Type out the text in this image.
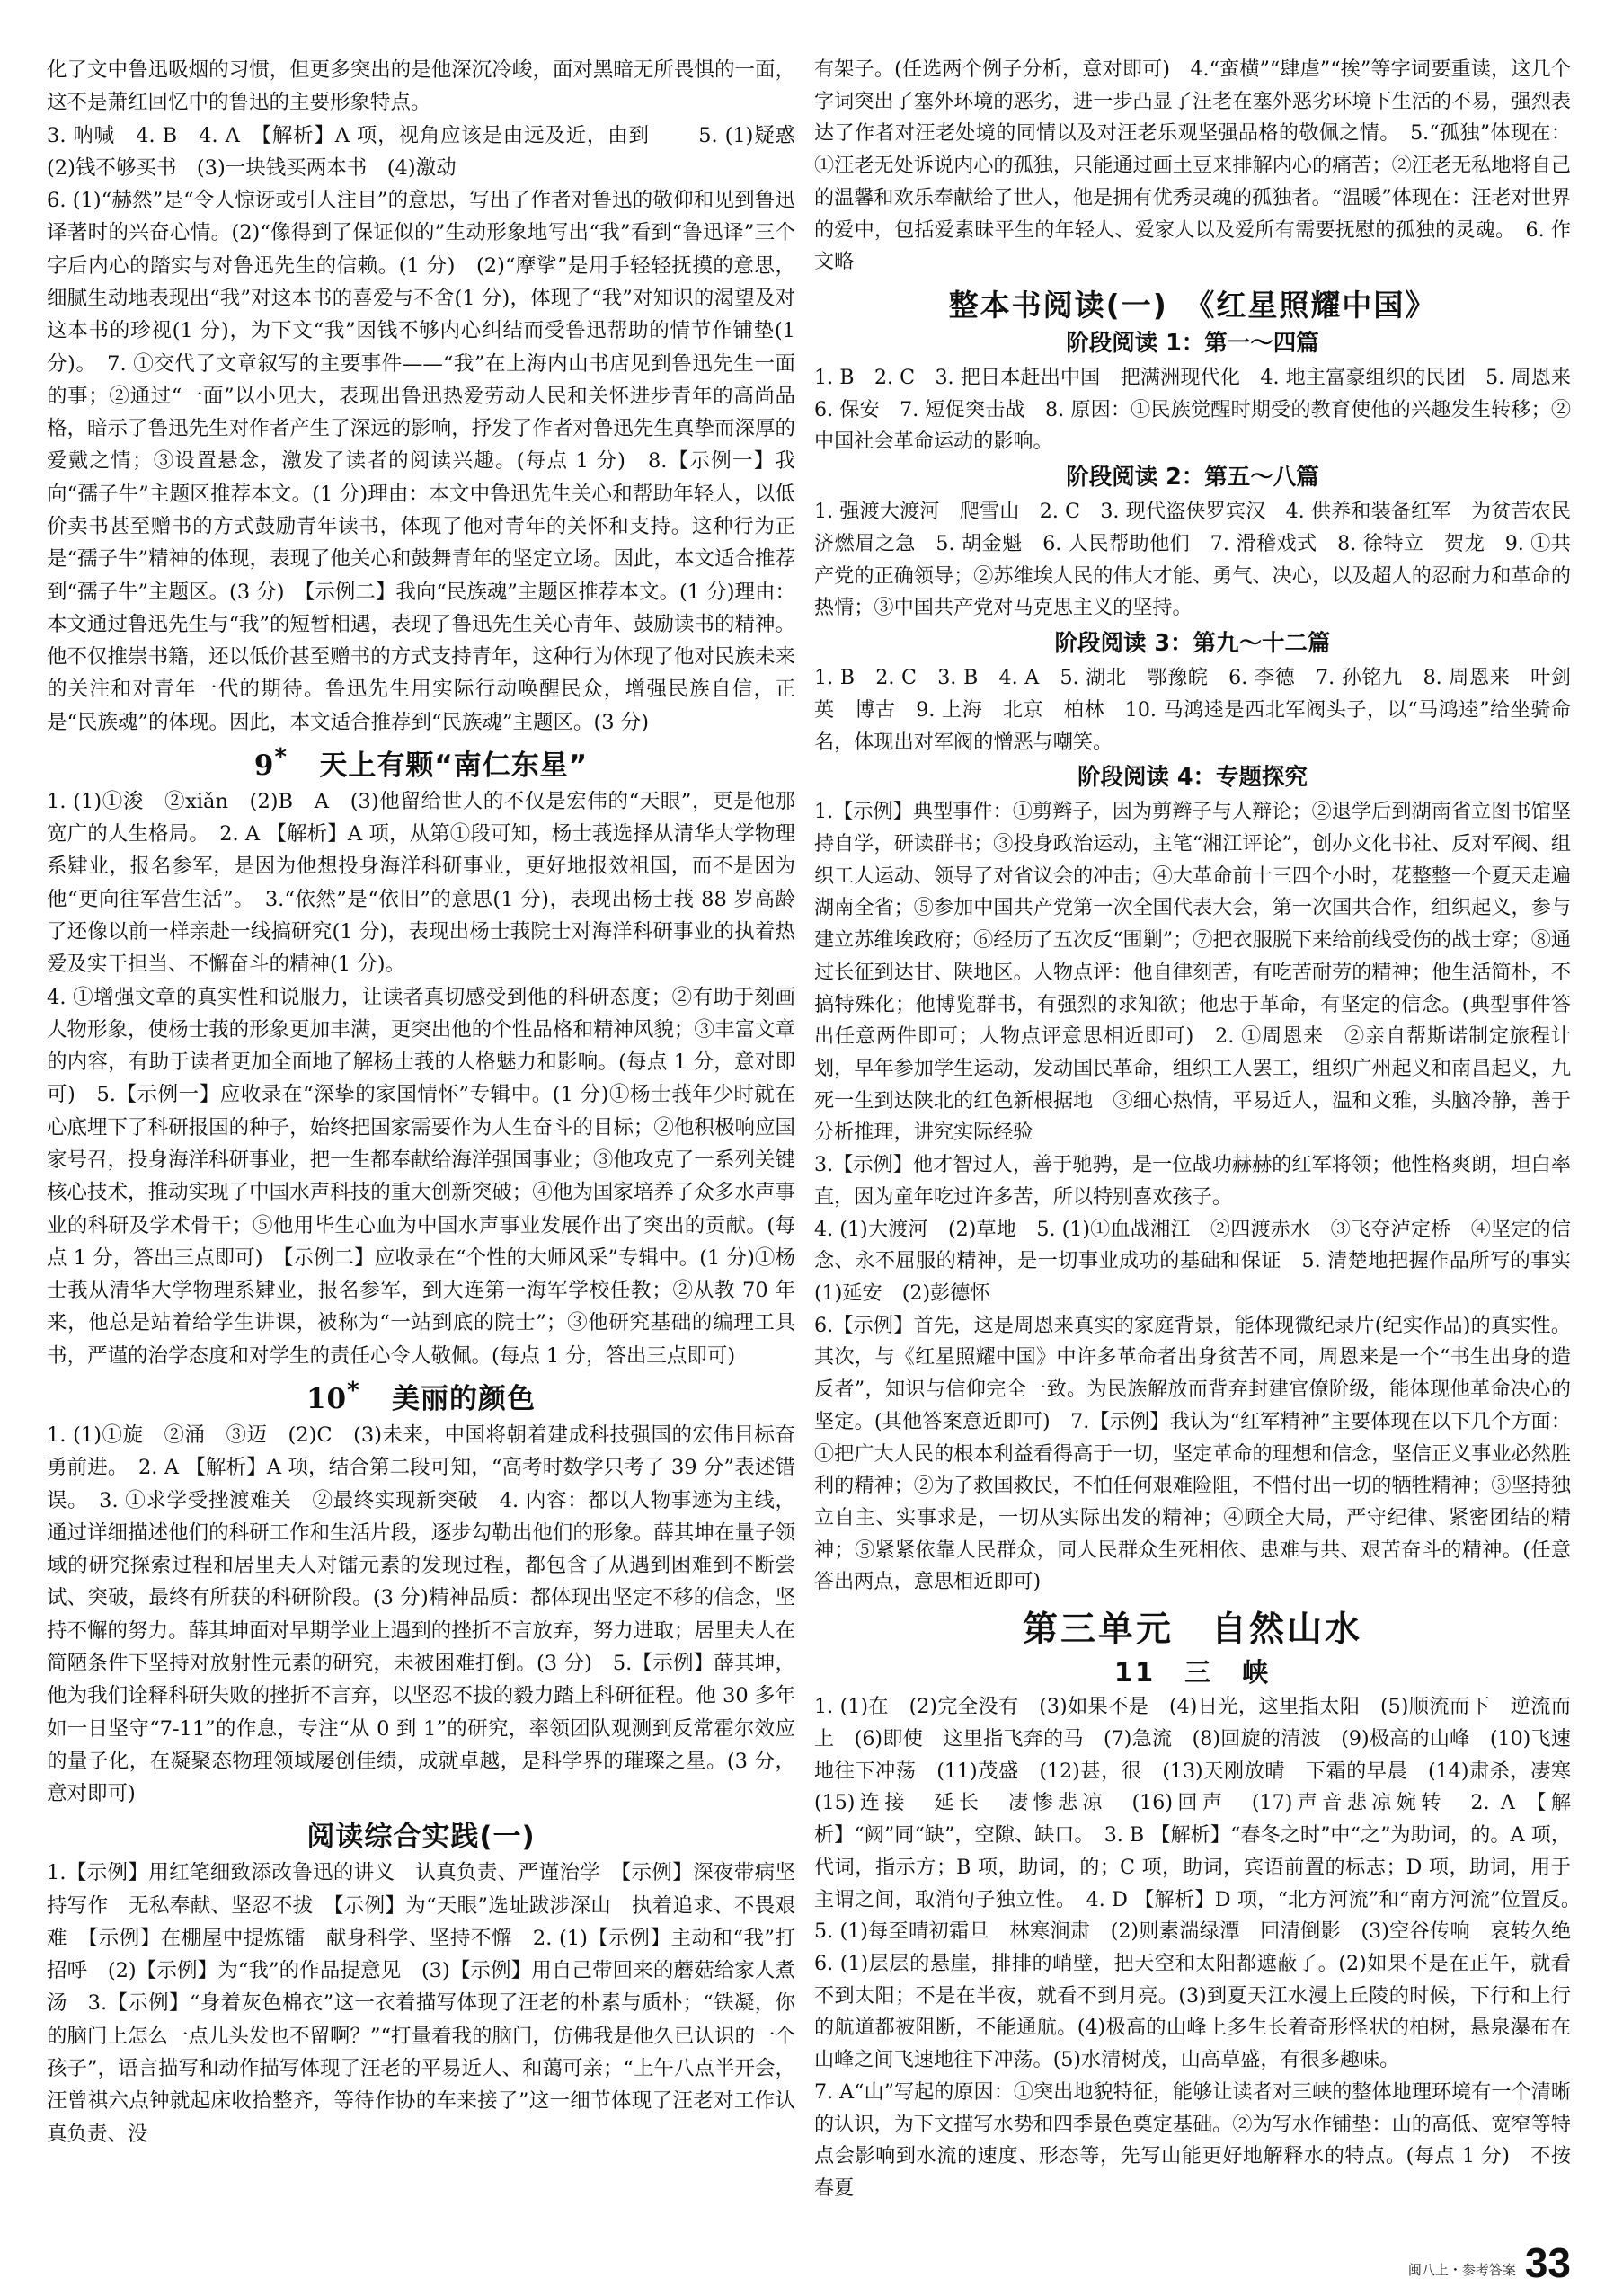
化了文中鲁迅吸烟的习惯，但更多突出的是他深沉冷峻，面对黑暗无所畏惧的一面，这不是萧红回忆中的鲁迅的主要形象特点。
3. 呐喊　4. B　4. A　【解析】A 项，视角应该是由远及近，由到 　　5. (1)疑惑　(2)钱不够买书　(3)一块钱买两本书　(4)激动
6. (1)“赫然”是“令人惊讶或引人注目”的意思，写出了作者对鲁迅的敬仰和见到鲁迅译著时的兴奋心情。(2)“像得到了保证似的”生动形象地写出“我”看到“鲁迅译”三个字后内心的踏实与对鲁迅先生的信赖。(1 分)　(2)“摩挲”是用手轻轻抚摸的意思，细腻生动地表现出“我”对这本书的喜爱与不舍(1 分)，体现了“我”对知识的渴望及对这本书的珍视(1 分)，为下文“我”因钱不够内心纠结而受鲁迅帮助的情节作铺垫(1 分)。　7. ①交代了文章叙写的主要事件——“我”在上海内山书店见到鲁迅先生一面的事；②通过“一面”以小见大，表现出鲁迅热爱劳动人民和关怀进步青年的高尚品格，暗示了鲁迅先生对作者产生了深远的影响，抒发了作者对鲁迅先生真挚而深厚的爱戴之情；③设置悬念，激发了读者的阅读兴趣。(每点 1 分)　8.【示例一】我向“孺子牛”主题区推荐本文。(1 分)理由：本文中鲁迅先生关心和帮助年轻人，以低价卖书甚至赠书的方式鼓励青年读书，体现了他对青年的关怀和支持。这种行为正是“孺子牛”精神的体现，表现了他关心和鼓舞青年的坚定立场。因此，本文适合推荐到“孺子牛”主题区。(3 分)　【示例二】我向“民族魂”主题区推荐本文。(1 分)理由：本文通过鲁迅先生与“我”的短暂相遇，表现了鲁迅先生关心青年、鼓励读书的精神。他不仅推崇书籍，还以低价甚至赠书的方式支持青年，这种行为体现了他对民族未来的关注和对青年一代的期待。鲁迅先生用实际行动唤醒民众，增强民族自信，正是“民族魂”的体现。因此，本文适合推荐到“民族魂”主题区。(3 分)

9* 天上有颗“南仁东星”

1. (1)①浚　②xiǎn　(2)B　A　(3)他留给世人的不仅是宏伟的“天眼”，更是他那宽广的人生格局。　2. A 【解析】A 项，从第①段可知，杨士莪选择从清华大学物理系肄业，报名参军，是因为他想投身海洋科研事业，更好地报效祖国，而不是因为他“更向往军营生活”。　3.“依然”是“依旧”的意思(1 分)，表现出杨士莪 88 岁高龄了还像以前一样亲赴一线搞研究(1 分)，表现出杨士莪院士对海洋科研事业的执着热爱及实干担当、不懈奋斗的精神(1 分)。
4. ①增强文章的真实性和说服力，让读者真切感受到他的科研态度；②有助于刻画人物形象，使杨士莪的形象更加丰满，更突出他的个性品格和精神风貌；③丰富文章的内容，有助于读者更加全面地了解杨士莪的人格魅力和影响。(每点 1 分，意对即可)　5.【示例一】应收录在“深挚的家国情怀”专辑中。(1 分)①杨士莪年少时就在心底埋下了科研报国的种子，始终把国家需要作为人生奋斗的目标；②他积极响应国家号召，投身海洋科研事业，把一生都奉献给海洋强国事业；③他攻克了一系列关键核心技术，推动实现了中国水声科技的重大创新突破；④他为国家培养了众多水声事业的科研及学术骨干；⑤他用毕生心血为中国水声事业发展作出了突出的贡献。(每点 1 分，答出三点即可)　【示例二】应收录在“个性的大师风采”专辑中。(1 分)①杨士莪从清华大学物理系肄业，报名参军，到大连第一海军学校任教；②从教 70 年来，他总是站着给学生讲课，被称为“一站到底的院士”；③他研究基础的编理工具书，严谨的治学态度和对学生的责任心令人敬佩。(每点 1 分，答出三点即可)

10* 美丽的颜色

1. (1)①旋　②涌　③迈　(2)C　(3)未来，中国将朝着建成科技强国的宏伟目标奋勇前进。　2. A 【解析】A 项，结合第二段可知，“高考时数学只考了 39 分”表述错误。　3. ①求学受挫渡难关　②最终实现新突破　4. 内容：都以人物事迹为主线，通过详细描述他们的科研工作和生活片段，逐步勾勒出他们的形象。薛其坤在量子领域的研究探索过程和居里夫人对镭元素的发现过程，都包含了从遇到困难到不断尝试、突破，最终有所获的科研阶段。(3 分)精神品质：都体现出坚定不移的信念，坚持不懈的努力。薛其坤面对早期学业上遇到的挫折不言放弃，努力进取；居里夫人在简陋条件下坚持对放射性元素的研究，未被困难打倒。(3 分)　5.【示例】薛其坤，他为我们诠释科研失败的挫折不言弃，以坚忍不拔的毅力踏上科研征程。他 30 多年如一日坚守“7-11”的作息，专注“从 0 到 1”的研究，率领团队观测到反常霍尔效应的量子化，在凝聚态物理领域屡创佳绩，成就卓越，是科学界的璀璨之星。(3 分，意对即可)

阅读综合实践(一)

1.【示例】用红笔细致添改鲁迅的讲义　认真负责、严谨治学　【示例】深夜带病坚持写作　无私奉献、坚忍不拔　【示例】为“天眼”选址跋涉深山　执着追求、不畏艰难　【示例】在棚屋中提炼镭　献身科学、坚持不懈　2. (1)【示例】主动和“我”打招呼　(2)【示例】为“我”的作品提意见　(3)【示例】用自己带回来的蘑菇给家人煮汤　3.【示例】“身着灰色棉衣”这一衣着描写体现了汪老的朴素与质朴；“铁凝，你的脑门上怎么一点儿头发也不留啊？”“打量着我的脑门，仿佛我是他久已认识的一个孩子”，语言描写和动作描写体现了汪老的平易近人、和蔼可亲；“上午八点半开会，汪曾祺六点钟就起床收拾整齐，等待作协的车来接了”这一细节体现了汪老对工作认真负责、没

有架子。(任选两个例子分析，意对即可)　4.“蛮横”“肆虐”“挨”等字词要重读，这几个字词突出了塞外环境的恶劣，进一步凸显了汪老在塞外恶劣环境下生活的不易，强烈表达了作者对汪老处境的同情以及对汪老乐观坚强品格的敬佩之情。　5.“孤独”体现在：①汪老无处诉说内心的孤独，只能通过画土豆来排解内心的痛苦；②汪老无私地将自己的温馨和欢乐奉献给了世人，他是拥有优秀灵魂的孤独者。“温暖”体现在：汪老对世界的爱中，包括爱素昧平生的年轻人、爱家人以及爱所有需要抚慰的孤独的灵魂。　6. 作文略

整本书阅读(一)　《红星照耀中国》
阶段阅读 1：第一～四篇

1. B　2. C　3. 把日本赶出中国　把满洲现代化　4. 地主富豪组织的民团　5. 周恩来　6. 保安　7. 短促突击战　8. 原因：①民族觉醒时期受的教育使他的兴趣发生转移；②中国社会革命运动的影响。

阶段阅读 2：第五～八篇

1. 强渡大渡河　爬雪山　2. C　3. 现代盗侠罗宾汉　4. 供养和装备红军　为贫苦农民济燃眉之急　5. 胡金魁　6. 人民帮助他们　7. 滑稽戏式　8. 徐特立　贺龙　9. ①共产党的正确领导；②苏维埃人民的伟大才能、勇气、决心，以及超人的忍耐力和革命的热情；③中国共产党对马克思主义的坚持。

阶段阅读 3：第九～十二篇

1. B　2. C　3. B　4. A　5. 湖北　鄂豫皖　6. 李德　7. 孙铭九　8. 周恩来　叶剑英　博古　9. 上海　北京　柏林　10. 马鸿逵是西北军阀头子，以“马鸿逵”给坐骑命名，体现出对军阀的憎恶与嘲笑。

阶段阅读 4：专题探究

1.【示例】典型事件：①剪辫子，因为剪辫子与人辩论；②退学后到湖南省立图书馆坚持自学，研读群书；③投身政治运动，主笔“湘江评论”，创办文化书社、反对军阀、组织工人运动、领导了对省议会的冲击；④大革命前十三四个小时，花整整一个夏天走遍湖南全省；⑤参加中国共产党第一次全国代表大会，第一次国共合作，组织起义，参与建立苏维埃政府；⑥经历了五次反“围剿”；⑦把衣服脱下来给前线受伤的战士穿；⑧通过长征到达甘、陕地区。人物点评：他自律刻苦，有吃苦耐劳的精神；他生活简朴，不搞特殊化；他博览群书，有强烈的求知欲；他忠于革命，有坚定的信念。(典型事件答出任意两件即可；人物点评意思相近即可)　2. ①周恩来　②亲自帮斯诺制定旅程计划，早年参加学生运动，发动国民革命，组织工人罢工，组织广州起义和南昌起义，九死一生到达陕北的红色新根据地　③细心热情，平易近人，温和文雅，头脑冷静，善于分析推理，讲究实际经验
3.【示例】他才智过人，善于驰骋，是一位战功赫赫的红军将领；他性格爽朗，坦白率直，因为童年吃过许多苦，所以特别喜欢孩子。
4. (1)大渡河　(2)草地　5. (1)①血战湘江　②四渡赤水　③飞夺泸定桥　④坚定的信念、永不屈服的精神，是一切事业成功的基础和保证　5. 清楚地把握作品所写的事实　(1)延安　(2)彭德怀
6.【示例】首先，这是周恩来真实的家庭背景，能体现微纪录片(纪实作品)的真实性。其次，与《红星照耀中国》中许多革命者出身贫苦不同，周恩来是一个“书生出身的造反者”，知识与信仰完全一致。为民族解放而背弃封建官僚阶级，能体现他革命决心的坚定。(其他答案意近即可)　7.【示例】我认为“红军精神”主要体现在以下几个方面：①把广大人民的根本利益看得高于一切，坚定革命的理想和信念，坚信正义事业必然胜利的精神；②为了救国救民，不怕任何艰难险阻，不惜付出一切的牺牲精神；③坚持独立自主、实事求是，一切从实际出发的精神；④顾全大局，严守纪律、紧密团结的精神；⑤紧紧依靠人民群众，同人民群众生死相依、患难与共、艰苦奋斗的精神。(任意答出两点，意思相近即可)

第三单元　自然山水
11　三　峡

1. (1)在　(2)完全没有　(3)如果不是　(4)日光，这里指太阳　(5)顺流而下　逆流而上　(6)即使　这里指飞奔的马　(7)急流　(8)回旋的清波　(9)极高的山峰　(10)飞速地往下冲荡　(11)茂盛　(12)甚，很　(13)天刚放晴　下霜的早晨　(14)肃杀，凄寒　(15)连接　延长　凄惨悲凉　(16)回声　(17)声音悲凉婉转　2. A 【解析】“阙”同“缺”，空隙、缺口。　3. B 【解析】“春冬之时”中“之”为助词，的。A 项，代词，指示方；B 项，助词，的；C 项，助词，宾语前置的标志；D 项，助词，用于主谓之间，取消句子独立性。　4. D 【解析】D 项，“北方河流”和“南方河流”位置反。　5. (1)每至晴初霜旦　林寒涧肃　(2)则素湍绿潭　回清倒影　(3)空谷传响　哀转久绝　6. (1)层层的悬崖，排排的峭壁，把天空和太阳都遮蔽了。(2)如果不是在正午，就看不到太阳；不是在半夜，就看不到月亮。(3)到夏天江水漫上丘陵的时候，下行和上行的航道都被阻断，不能通航。(4)极高的山峰上多生长着奇形怪状的柏树，悬泉瀑布在山峰之间飞速地往下冲荡。(5)水清树茂，山高草盛，有很多趣味。
7. A“山”写起的原因：①突出地貌特征，能够让读者对三峡的整体地理环境有一个清晰的认识，为下文描写水势和四季景色奠定基础。②为写水作铺垫：山的高低、宽窄等特点会影响到水流的速度、形态等，先写山能更好地解释水的特点。(每点 1 分)　不按春夏

闽八上・参考答案 33
